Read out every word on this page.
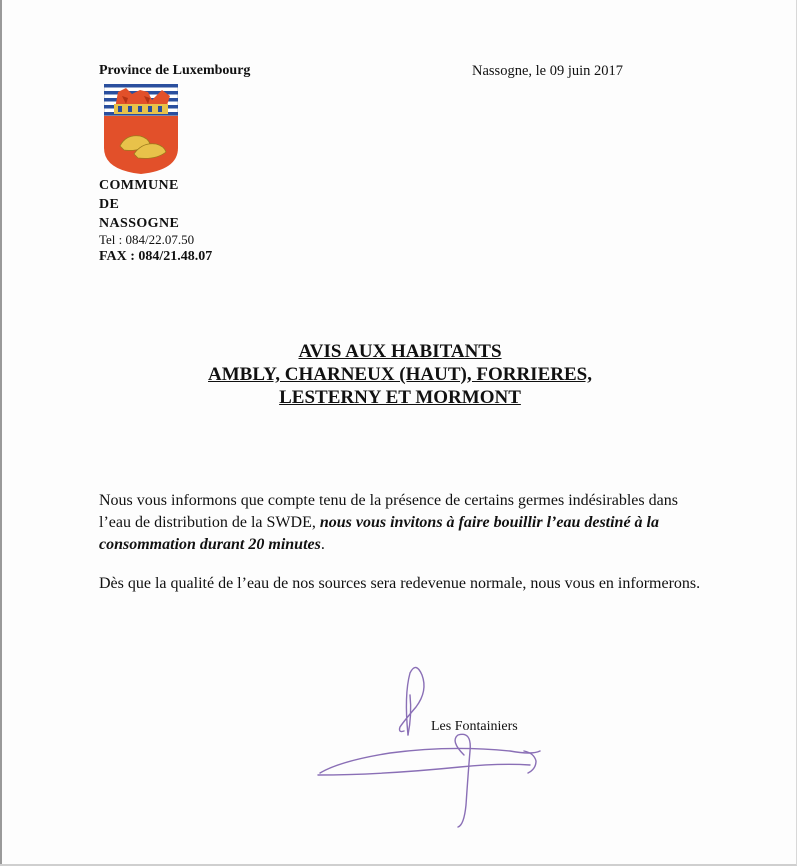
Province de Luxembourg	Nassogne, le 09 juin 2017
COMMUNE
DE
NASSOGNE
Tel : 084/22.07.50
FAX : 084/21.48.07
AVIS AUX HABITANTS
AMBLY, CHARNEUX (HAUT), FORRIERES,
LESTERNY ET MORMONT
Nous vous informons que compte tenu de la présence de certains germes indésirables dans l’eau de distribution de la SWDE, nous vous invitons à faire bouillir l’eau destiné à la consommation durant 20 minutes.
Dès que la qualité de l’eau de nos sources sera redevenue normale, nous vous en informerons.
Les Fontainiers
